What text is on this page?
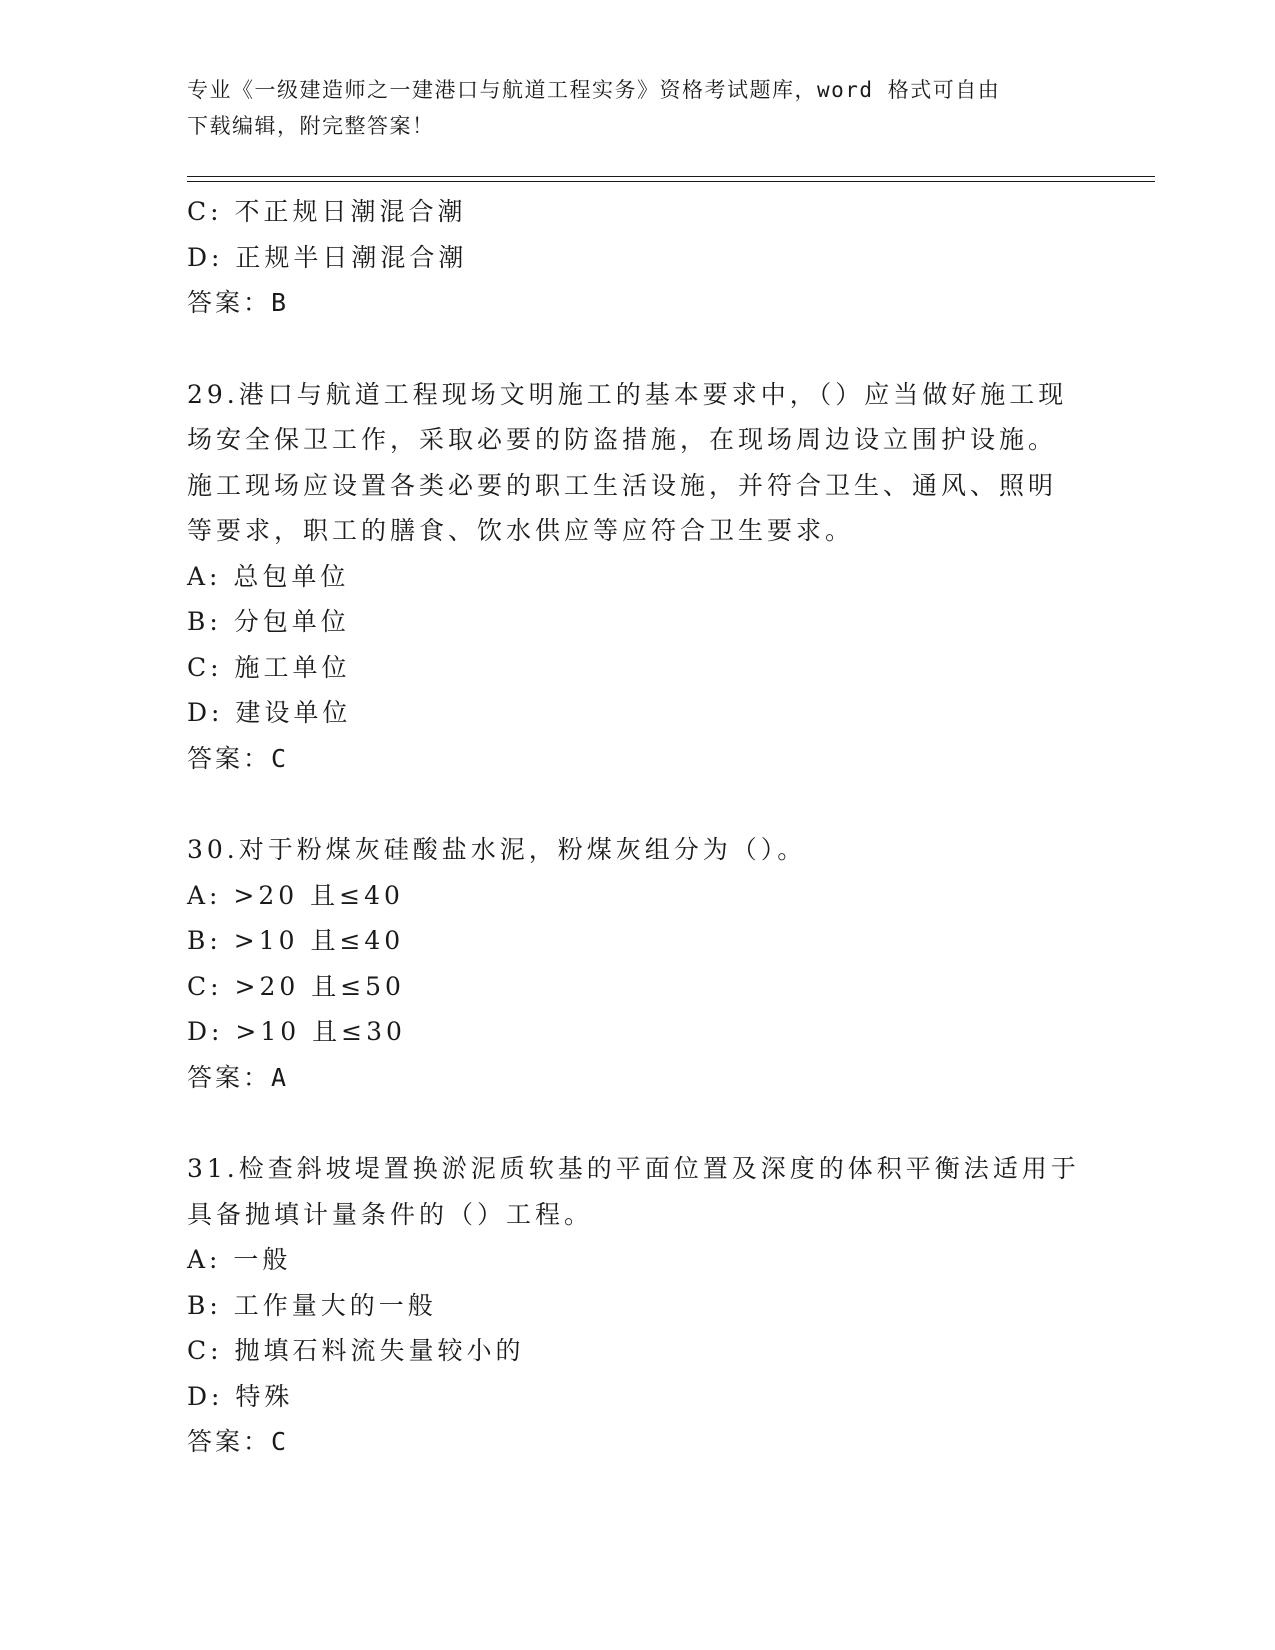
专业《一级建造师之一建港口与航道工程实务》资格考试题库，word 格式可自由
下载编辑，附完整答案！
C: 不正规日潮混合潮
D: 正规半日潮混合潮
答案：B
29.港口与航道工程现场文明施工的基本要求中，（）应当做好施工现
场安全保卫工作，采取必要的防盗措施，在现场周边设立围护设施。
施工现场应设置各类必要的职工生活设施，并符合卫生、通风、照明
等要求，职工的膳食、饮水供应等应符合卫生要求。
A: 总包单位
B: 分包单位
C: 施工单位
D: 建设单位
答案：C
30.对于粉煤灰硅酸盐水泥，粉煤灰组分为（）。
A: >20 且≤40
B: >10 且≤40
C: >20 且≤50
D: >10 且≤30
答案：A
31.检查斜坡堤置换淤泥质软基的平面位置及深度的体积平衡法适用于
具备抛填计量条件的（）工程。
A: 一般
B: 工作量大的一般
C: 抛填石料流失量较小的
D: 特殊
答案：C
